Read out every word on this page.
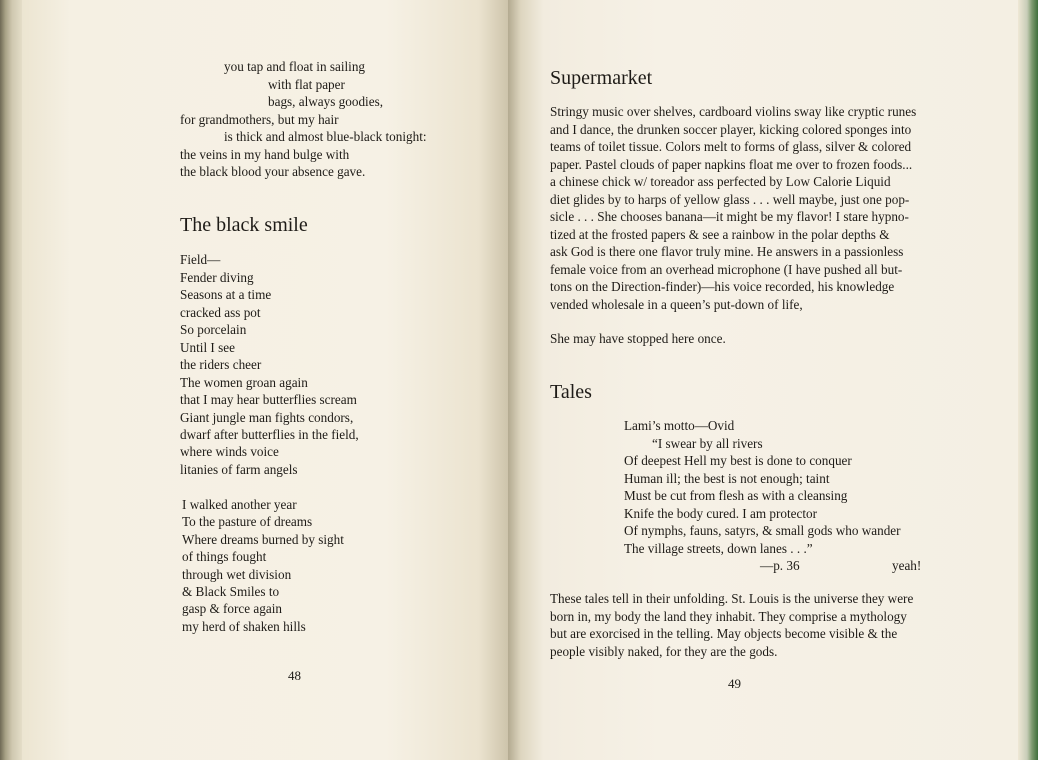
you tap and float in sailing
with flat paper
bags, always goodies,
for grandmothers, but my hair
is thick and almost blue-black tonight:
the veins in my hand bulge with
the black blood your absence gave.
The black smile
Field—
Fender diving
Seasons at a time
cracked ass pot
So porcelain
Until I see
the riders cheer
The women groan again
that I may hear butterflies scream
Giant jungle man fights condors,
dwarf after butterflies in the field,
where winds voice
litanies of farm angels
I walked another year
To the pasture of dreams
Where dreams burned by sight
of things fought
through wet division
& Black Smiles to
gasp & force again
my herd of shaken hills
48
Supermarket
Stringy music over shelves, cardboard violins sway like cryptic runes
and I dance, the drunken soccer player, kicking colored sponges into
teams of toilet tissue. Colors melt to forms of glass, silver & colored
paper. Pastel clouds of paper napkins float me over to frozen foods...
a chinese chick w/ toreador ass perfected by Low Calorie Liquid
diet glides by to harps of yellow glass . . . well maybe, just one pop-
sicle . . . She chooses banana—it might be my flavor! I stare hypno-
tized at the frosted papers & see a rainbow in the polar depths &
ask God is there one flavor truly mine. He answers in a passionless
female voice from an overhead microphone (I have pushed all but-
tons on the Direction-finder)—his voice recorded, his knowledge
vended wholesale in a queen’s put-down of life,
She may have stopped here once.
Tales
Lami’s motto—Ovid
“I swear by all rivers
Of deepest Hell my best is done to conquer
Human ill; the best is not enough; taint
Must be cut from flesh as with a cleansing
Knife the body cured. I am protector
Of nymphs, fauns, satyrs, & small gods who wander
The village streets, down lanes . . .”
—p. 36	yeah!
These tales tell in their unfolding. St. Louis is the universe they were
born in, my body the land they inhabit. They comprise a mythology
but are exorcised in the telling. May objects become visible & the
people visibly naked, for they are the gods.
49
